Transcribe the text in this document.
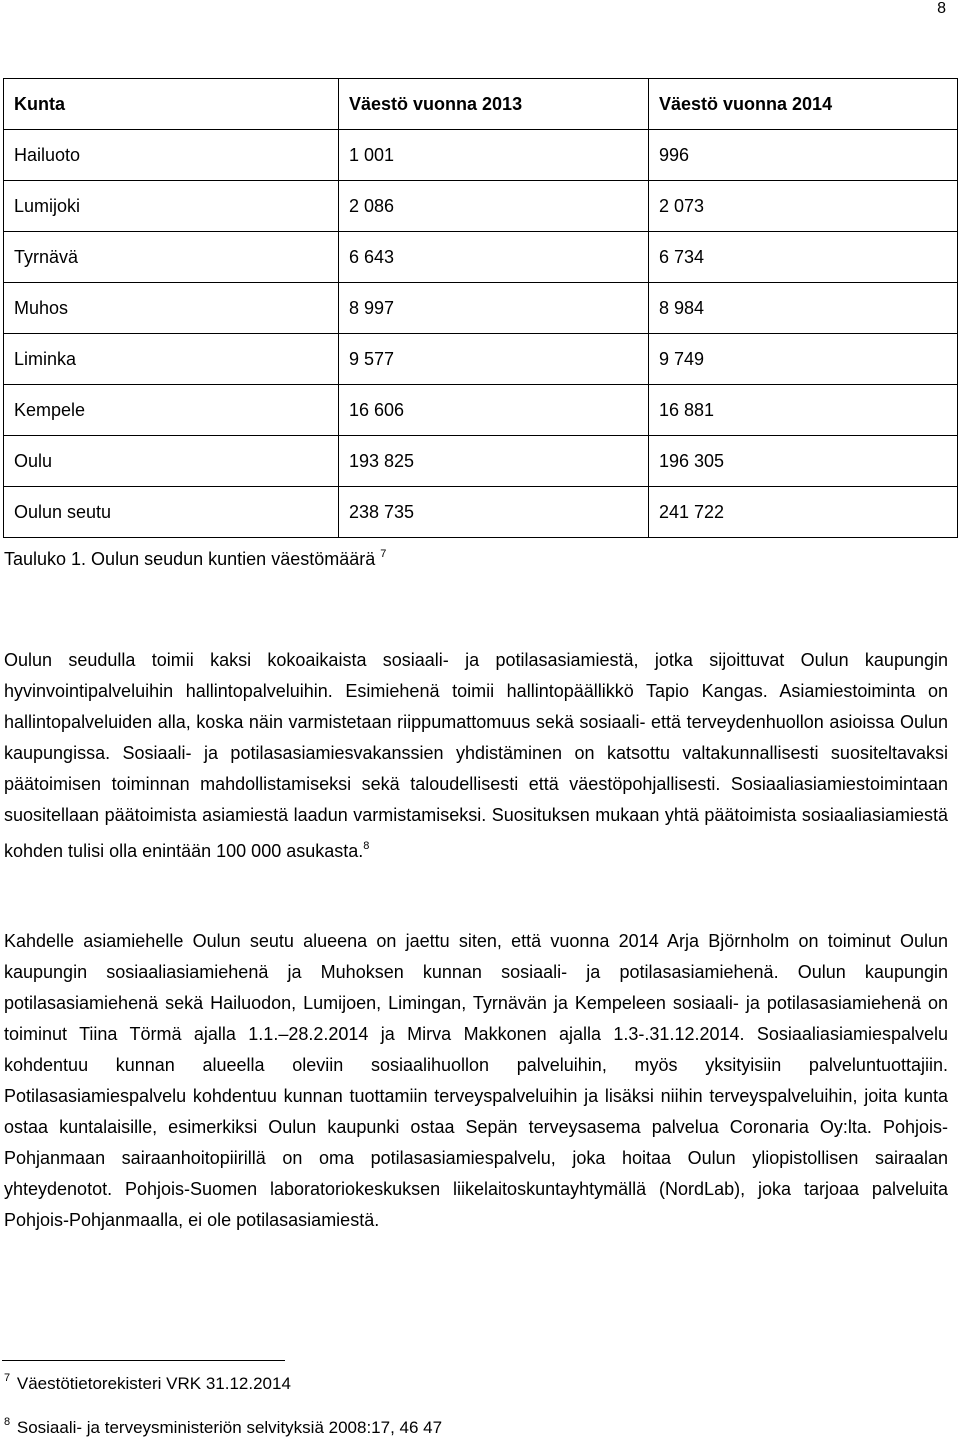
8
Kunta	Väestö vuonna 2013	Väestö vuonna 2014
Hailuoto	1 001	996
Lumijoki	2 086	2 073
Tyrnävä	6 643	6 734
Muhos	8 997	8 984
Liminka	9 577	9 749
Kempele	16 606	16 881
Oulu	193 825	196 305
Oulun seutu	238 735	241 722
Tauluko 1. Oulun seudun kuntien väestömäärä $^7$

Oulun seudulla toimii kaksi kokoaikaista sosiaali- ja potilasasiamiestä, jotka sijoittuvat Oulun kaupungin hyvinvointipalveluihin hallintopalveluihin. Esimiehenä toimii hallintopäällikkö Tapio Kangas. Asiamiestoiminta on hallintopalveluiden alla, koska näin varmistetaan riippumattomuus sekä sosiaali- että terveydenhuollon asioissa Oulun kaupungissa. Sosiaali- ja potilasasiamiesvakanssien yhdistäminen on katsottu valtakunnallisesti suositeltavaksi päätoimisen toiminnan mahdollistamiseksi sekä taloudellisesti että väestöpohjallisesti. Sosiaaliasiamiestoimintaan suositellaan päätoimista asiamiestä laadun varmistamiseksi. Suosituksen mukaan yhtä päätoimista sosiaaliasiamiestä kohden tulisi olla enintään 100 000 asukasta.$^8$

Kahdelle asiamiehelle Oulun seutu alueena on jaettu siten, että vuonna 2014 Arja Björnholm on toiminut Oulun kaupungin sosiaaliasiamiehenä ja Muhoksen kunnan sosiaali- ja potilasasiamiehenä. Oulun kaupungin potilasasiamiehenä sekä Hailuodon, Lumijoen, Limingan, Tyrnävän ja Kempeleen sosiaali- ja potilasasiamiehenä on toiminut Tiina Törmä ajalla 1.1.–28.2.2014 ja Mirva Makkonen ajalla 1.3-.31.12.2014. Sosiaaliasiamiespalvelu kohdentuu kunnan alueella oleviin sosiaalihuollon palveluihin, myös yksityisiin palveluntuottajiin. Potilasasiamiespalvelu kohdentuu kunnan tuottamiin terveyspalveluihin ja lisäksi niihin terveyspalveluihin, joita kunta ostaa kuntalaisille, esimerkiksi Oulun kaupunki ostaa Sepän terveysasema palvelua Coronaria Oy:lta. Pohjois-Pohjanmaan sairaanhoitopiirillä on oma potilasasiamiespalvelu, joka hoitaa Oulun yliopistollisen sairaalan yhteydenotot. Pohjois-Suomen laboratoriokeskuksen liikelaitoskuntayhtymällä (NordLab), joka tarjoaa palveluita Pohjois-Pohjanmaalla, ei ole potilasasiamiestä.

$^7$ Väestötietorekisteri VRK 31.12.2014
$^8$ Sosiaali- ja terveysministeriön selvityksiä 2008:17, 46 47
